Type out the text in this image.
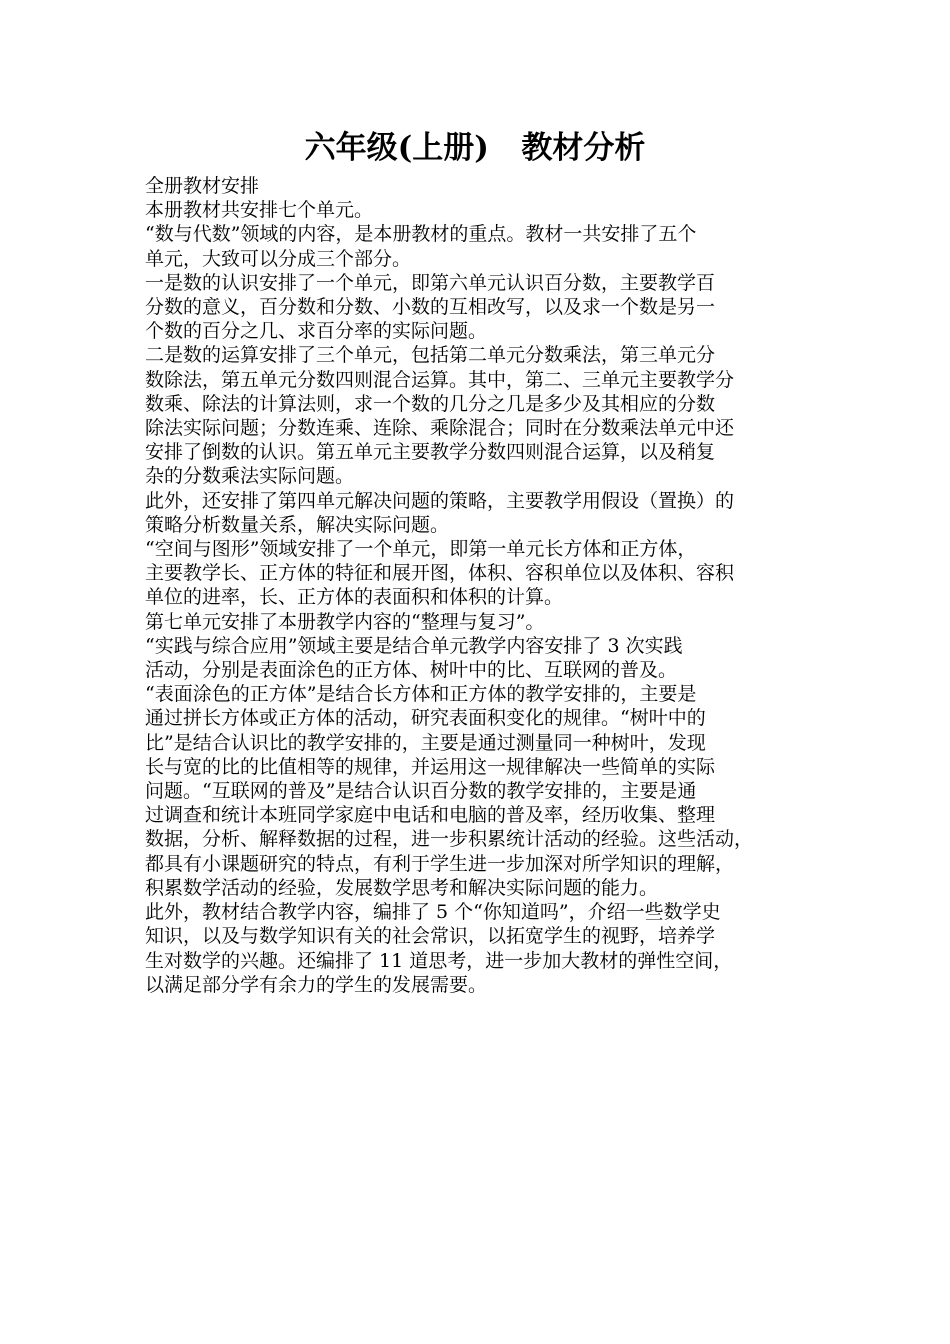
六年级(上册)   教材分析

全册教材安排

本册教材共安排七个单元。

“数与代数”领域的内容，是本册教材的重点。教材一共安排了五个

单元，大致可以分成三个部分。

一是数的认识安排了一个单元，即第六单元认识百分数，主要教学百

分数的意义，百分数和分数、小数的互相改写，以及求一个数是另一

个数的百分之几、求百分率的实际问题。

二是数的运算安排了三个单元，包括第二单元分数乘法，第三单元分

数除法，第五单元分数四则混合运算。其中，第二、三单元主要教学分

数乘、除法的计算法则，求一个数的几分之几是多少及其相应的分数

除法实际问题；分数连乘、连除、乘除混合；同时在分数乘法单元中还

安排了倒数的认识。第五单元主要教学分数四则混合运算，以及稍复

杂的分数乘法实际问题。

此外，还安排了第四单元解决问题的策略，主要教学用假设（置换）的

策略分析数量关系，解决实际问题。

“空间与图形”领域安排了一个单元，即第一单元长方体和正方体，

主要教学长、正方体的特征和展开图，体积、容积单位以及体积、容积

单位的进率，长、正方体的表面积和体积的计算。

第七单元安排了本册教学内容的“整理与复习”。

“实践与综合应用”领域主要是结合单元教学内容安排了 3 次实践

活动，分别是表面涂色的正方体、树叶中的比、互联网的普及。

“表面涂色的正方体”是结合长方体和正方体的教学安排的，主要是

通过拼长方体或正方体的活动，研究表面积变化的规律。“树叶中的

比”是结合认识比的教学安排的，主要是通过测量同一种树叶，发现

长与宽的比的比值相等的规律，并运用这一规律解决一些简单的实际

问题。“互联网的普及”是结合认识百分数的教学安排的，主要是通

过调查和统计本班同学家庭中电话和电脑的普及率，经历收集、整理

数据，分析、解释数据的过程，进一步积累统计活动的经验。这些活动，

都具有小课题研究的特点，有利于学生进一步加深对所学知识的理解，

积累数学活动的经验，发展数学思考和解决实际问题的能力。

此外，教材结合教学内容，编排了 5 个“你知道吗”，介绍一些数学史

知识，以及与数学知识有关的社会常识，以拓宽学生的视野，培养学

生对数学的兴趣。还编排了 11 道思考，进一步加大教材的弹性空间，

以满足部分学有余力的学生的发展需要。
